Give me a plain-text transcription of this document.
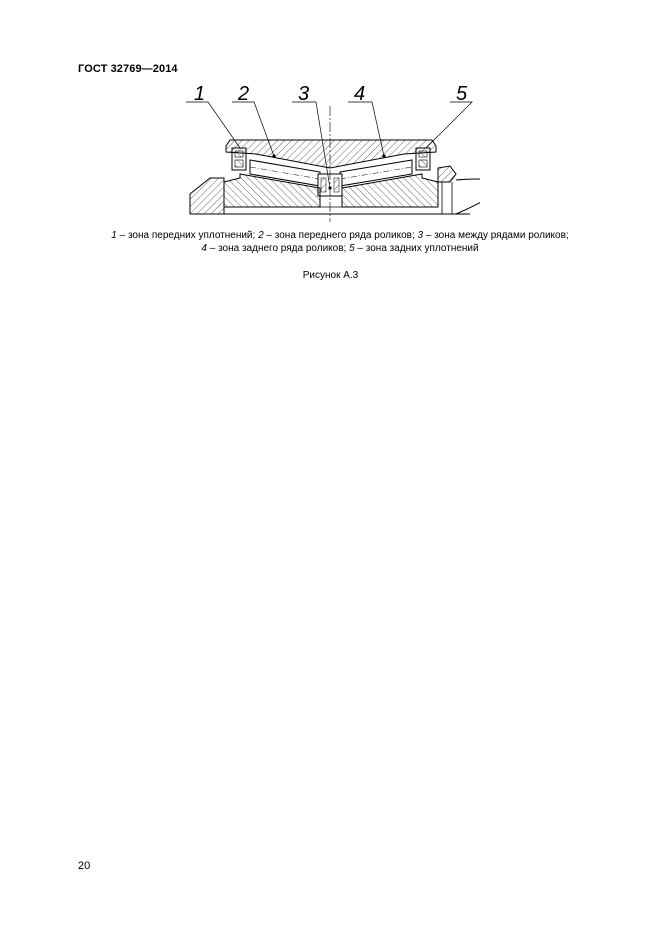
ГОСТ 32769—2014
1 2 3 4	5
1 – зона передних уплотнений; 2 – зона переднего ряда роликов; 3 – зона между рядами роликов;
4 – зона заднего ряда роликов; 5 – зона задних уплотнений
Рисунок А.3
20
